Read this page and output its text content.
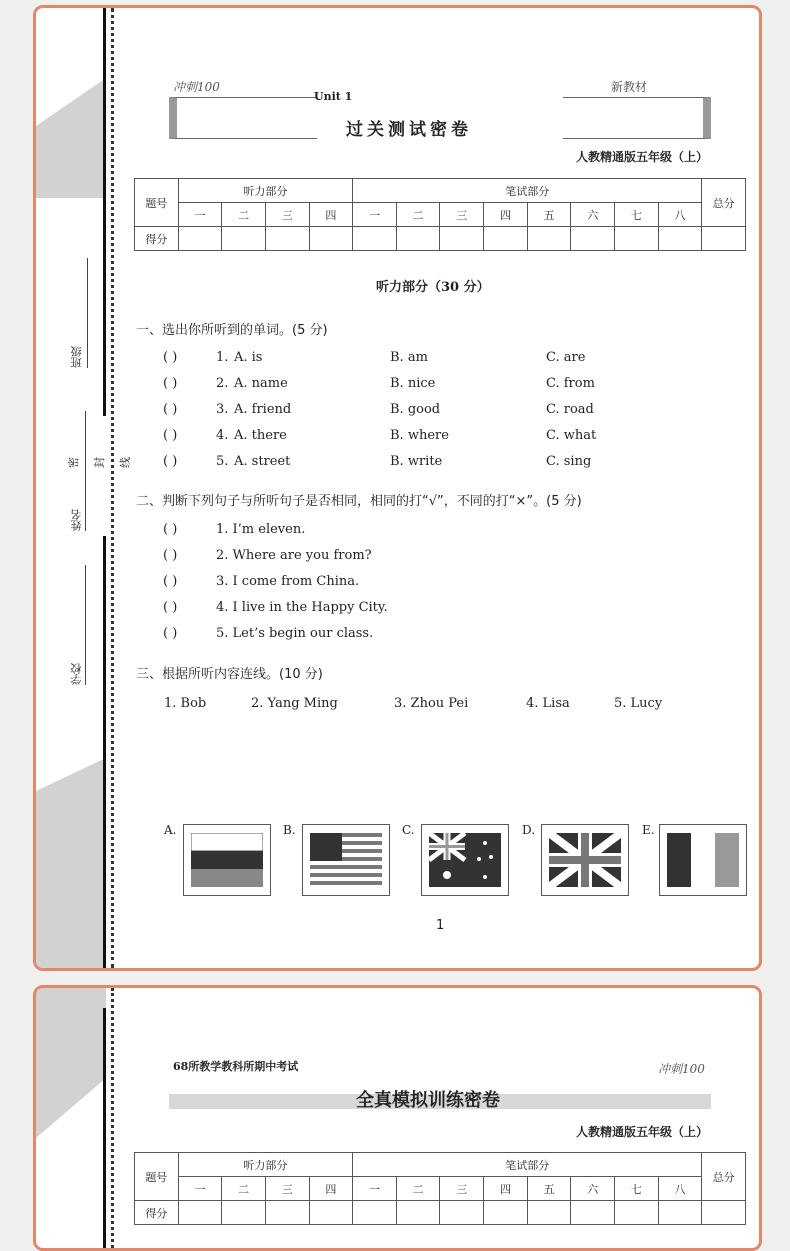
班级
姓名
学校
密 封 线
冲刺100
Unit 1
新教材
过关测试密卷
人教精通版五年级（上）
题号	听力部分				笔试部分								总分
	一	二	三	四	一	二	三	四	五	六	七	八	
得分													
听力部分（30 分）
一、选出你所听到的单词。(5 分)
( )	1. A. is	B. am	C. are
( )	2. A. name	B. nice	C. from
( )	3. A. friend	B. good	C. road
( )	4. A. there	B. where	C. what
( )	5. A. street	B. write	C. sing
二、判断下列句子与所听句子是否相同，相同的打“√”，不同的打“×”。(5 分)
( )	1. I’m eleven.
( )	2. Where are you from?
( )	3. I come from China.
( )	4. I live in the Happy City.
( )	5. Let’s begin our class.
三、根据所听内容连线。(10 分)
1. Bob	2. Yang Ming	3. Zhou Pei	4. Lisa	5. Lucy
A.	B.	C.	D.	E.
1
68所教学教科所期中考试	冲刺100
全真模拟训练密卷
人教精通版五年级（上）
题号	听力部分				笔试部分								总分
	一	二	三	四	一	二	三	四	五	六	七	八	
得分													
